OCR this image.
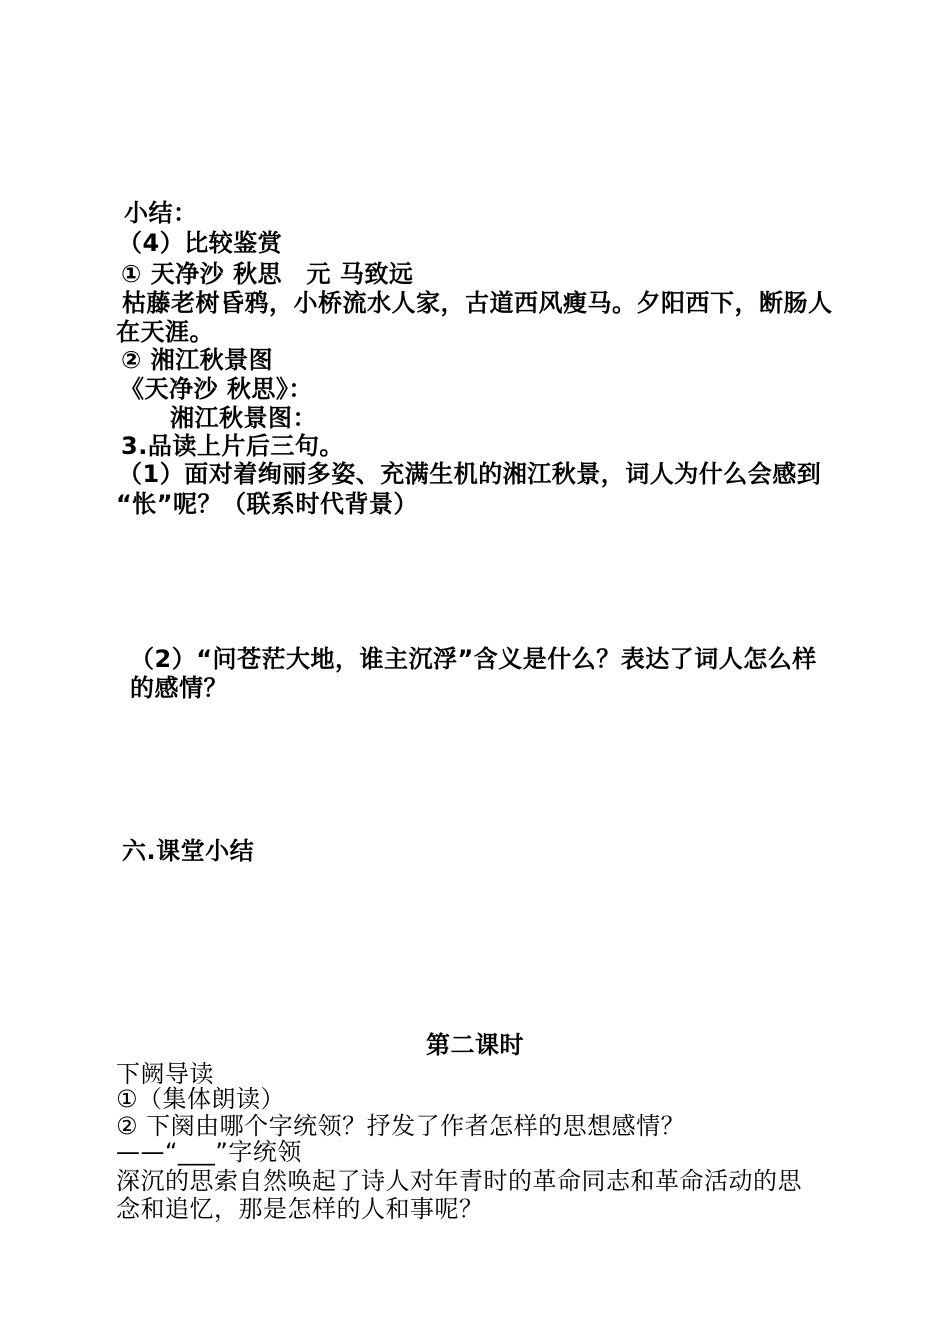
小结：
（4）比较鉴赏
① 天净沙 秋思　元 马致远
枯藤老树昏鸦，小桥流水人家，古道西风瘦马。夕阳西下，断肠人
在天涯。
② 湘江秋景图
《天净沙 秋思》：
湘江秋景图：
3.品读上片后三句。
（1）面对着绚丽多姿、充满生机的湘江秋景，词人为什么会感到
“怅”呢？（联系时代背景）
（2）“问苍茫大地，谁主沉浮”含义是什么？表达了词人怎么样
的感情？
六.课堂小结
第二课时
下阙导读
①（集体朗读）
② 下阕由哪个字统领？抒发了作者怎样的思想感情？
——“___”字统领
深沉的思索自然唤起了诗人对年青时的革命同志和革命活动的思
念和追忆，那是怎样的人和事呢？
